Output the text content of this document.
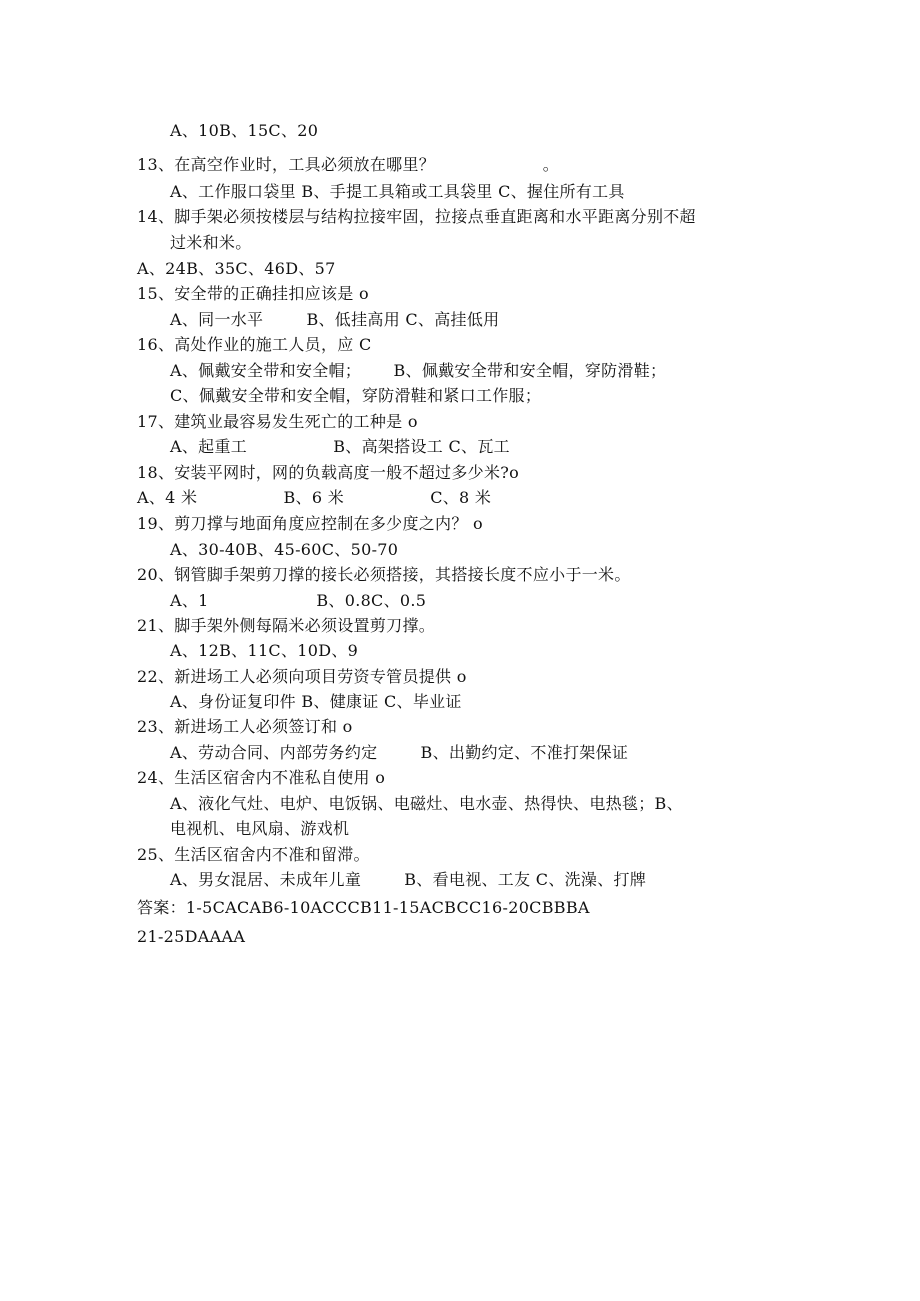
A、10B、15C、20
13、在高空作业时，工具必须放在哪里？                    。
A、工作服口袋里 B、手提工具箱或工具袋里 C、握住所有工具
14、脚手架必须按楼层与结构拉接牢固，拉接点垂直距离和水平距离分别不超
过米和米。
A、24B、35C、46D、57
15、安全带的正确挂扣应该是 o
A、同一水平        B、低挂高用 C、高挂低用
16、高处作业的施工人员，应 C
A、佩戴安全带和安全帽；      B、佩戴安全带和安全帽，穿防滑鞋；
C、佩戴安全带和安全帽，穿防滑鞋和紧口工作服；
17、建筑业最容易发生死亡的工种是 o
A、起重工                B、高架搭设工 C、瓦工
18、安装平网时，网的负载高度一般不超过多少米?o
A、4 米                B、6 米                C、8 米
19、剪刀撑与地面角度应控制在多少度之内？ o
A、30-40B、45-60C、50-70
20、钢管脚手架剪刀撑的接长必须搭接，其搭接长度不应小于一米。
A、1                    B、0.8C、0.5
21、脚手架外侧每隔米必须设置剪刀撑。
A、12B、11C、10D、9
22、新进场工人必须向项目劳资专管员提供 o
A、身份证复印件 B、健康证 C、毕业证
23、新进场工人必须签订和 o
A、劳动合同、内部劳务约定        B、出勤约定、不准打架保证
24、生活区宿舍内不准私自使用 o
A、液化气灶、电炉、电饭锅、电磁灶、电水壶、热得快、电热毯；B、
电视机、电风扇、游戏机
25、生活区宿舍内不准和留滞。
A、男女混居、未成年儿童        B、看电视、工友 C、洗澡、打牌
答案：1-5CACAB6-10ACCCB11-15ACBCC16-20CBBBA
21-25DAAAA
